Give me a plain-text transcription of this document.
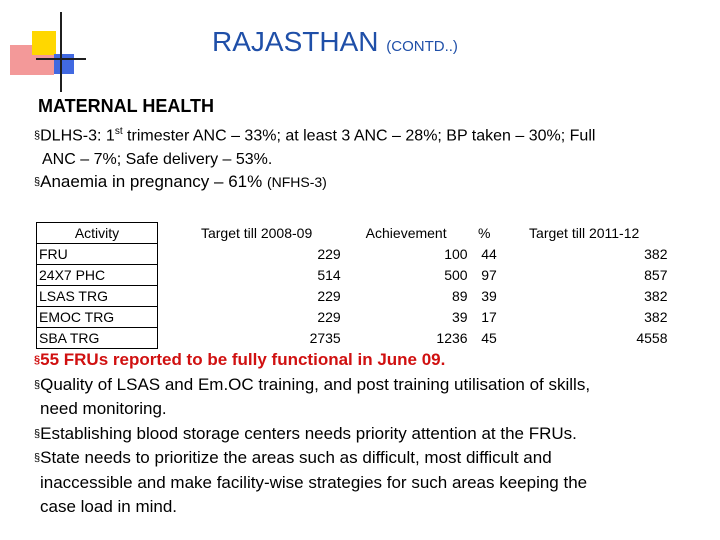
RAJASTHAN (CONTD..)
MATERNAL HEALTH
§DLHS-3: 1st trimester ANC – 33%; at least 3 ANC – 28%; BP taken – 30%; Full
ANC – 7%; Safe delivery – 53%.
§Anaemia in pregnancy – 61% (NFHS-3)
Activity		Target till 2008-09	Achievement	%	Target till 2011-12
FRU		229	100	44	382
24X7 PHC		514	500	97	857
LSAS TRG		229	89	39	382
EMOC TRG		229	39	17	382
SBA TRG		2735	1236	45	4558
§55 FRUs reported to be fully functional in June 09.
§Quality of LSAS and Em.OC training, and post training utilisation of skills,
need monitoring.
§Establishing blood storage centers needs priority attention at the FRUs.
§State needs to prioritize the areas such as difficult, most difficult and
inaccessible and make facility-wise strategies for such areas keeping the
case load in mind.
